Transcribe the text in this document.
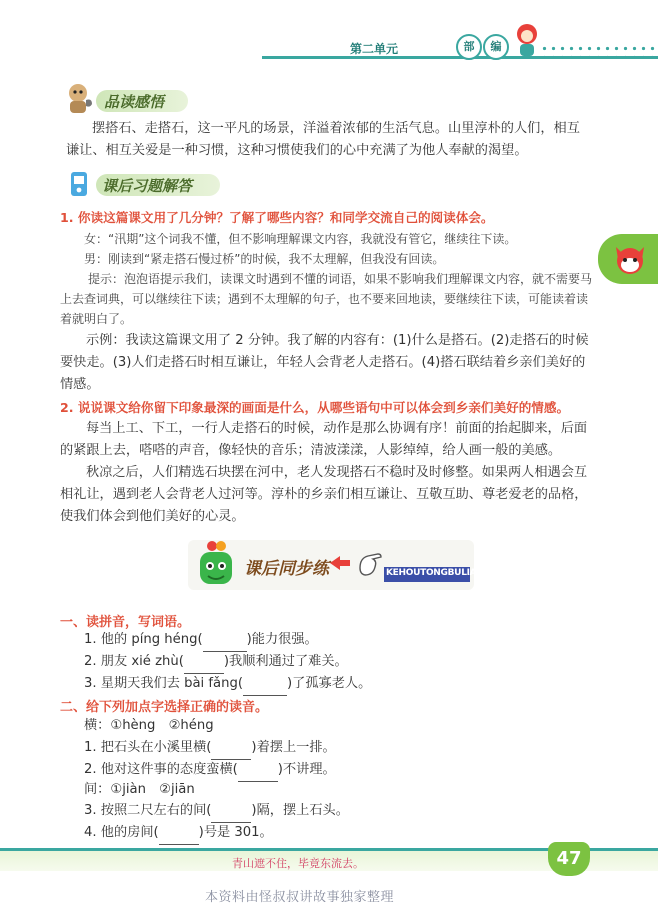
第二单元	部	编
品读感悟
摆搭石、走搭石，这一平凡的场景，洋溢着浓郁的生活气息。山里淳朴的人们，相互谦让、相互关爱是一种习惯，这种习惯使我们的心中充满了为他人奉献的渴望。
课后习题解答
1. 你读这篇课文用了几分钟？了解了哪些内容？和同学交流自己的阅读体会。
女：“汛期”这个词我不懂，但不影响理解课文内容，我就没有管它，继续往下读。
男：刚读到“紧走搭石慢过桥”的时候，我不太理解，但我没有回读。
提示：泡泡语提示我们，读课文时遇到不懂的词语，如果不影响我们理解课文内容，就不需要马上去查词典，可以继续往下读；遇到不太理解的句子，也不要来回地读，要继续往下读，可能读着读着就明白了。
示例：我读这篇课文用了 2 分钟。我了解的内容有：(1)什么是搭石。(2)走搭石的时候要快走。(3)人们走搭石时相互谦让，年轻人会背老人走搭石。(4)搭石联结着乡亲们美好的情感。
2. 说说课文给你留下印象最深的画面是什么，从哪些语句中可以体会到乡亲们美好的情感。
每当上工、下工，一行人走搭石的时候，动作是那么协调有序！前面的抬起脚来，后面的紧跟上去，嗒嗒的声音，像轻快的音乐；清波漾漾，人影绰绰，给人画一般的美感。
秋凉之后，人们精选石块摆在河中，老人发现搭石不稳时及时修整。如果两人相遇会互相礼让，遇到老人会背老人过河等。淳朴的乡亲们相互谦让、互敬互助、尊老爱老的品格，使我们体会到他们美好的心灵。
课后同步练	KEHOUTONGBULIAN
一、读拼音，写词语。
1. 他的 píng héng(	)能力很强。
2. 朋友 xié zhù(	)我顺利通过了难关。
3. 星期天我们去 bài fǎng(	)了孤寡老人。
二、给下列加点字选择正确的读音。
横：①hèng　②héng
1. 把石头在小溪里横(	)着摆上一排。
2. 他对这件事的态度蛮横(	)不讲理。
间：①jiàn　②jiān
3. 按照二尺左右的间(	)隔，摆上石头。
4. 他的房间(	)号是 301。
青山遮不住，毕竟东流去。	47
本资料由怪叔叔讲故事独家整理
